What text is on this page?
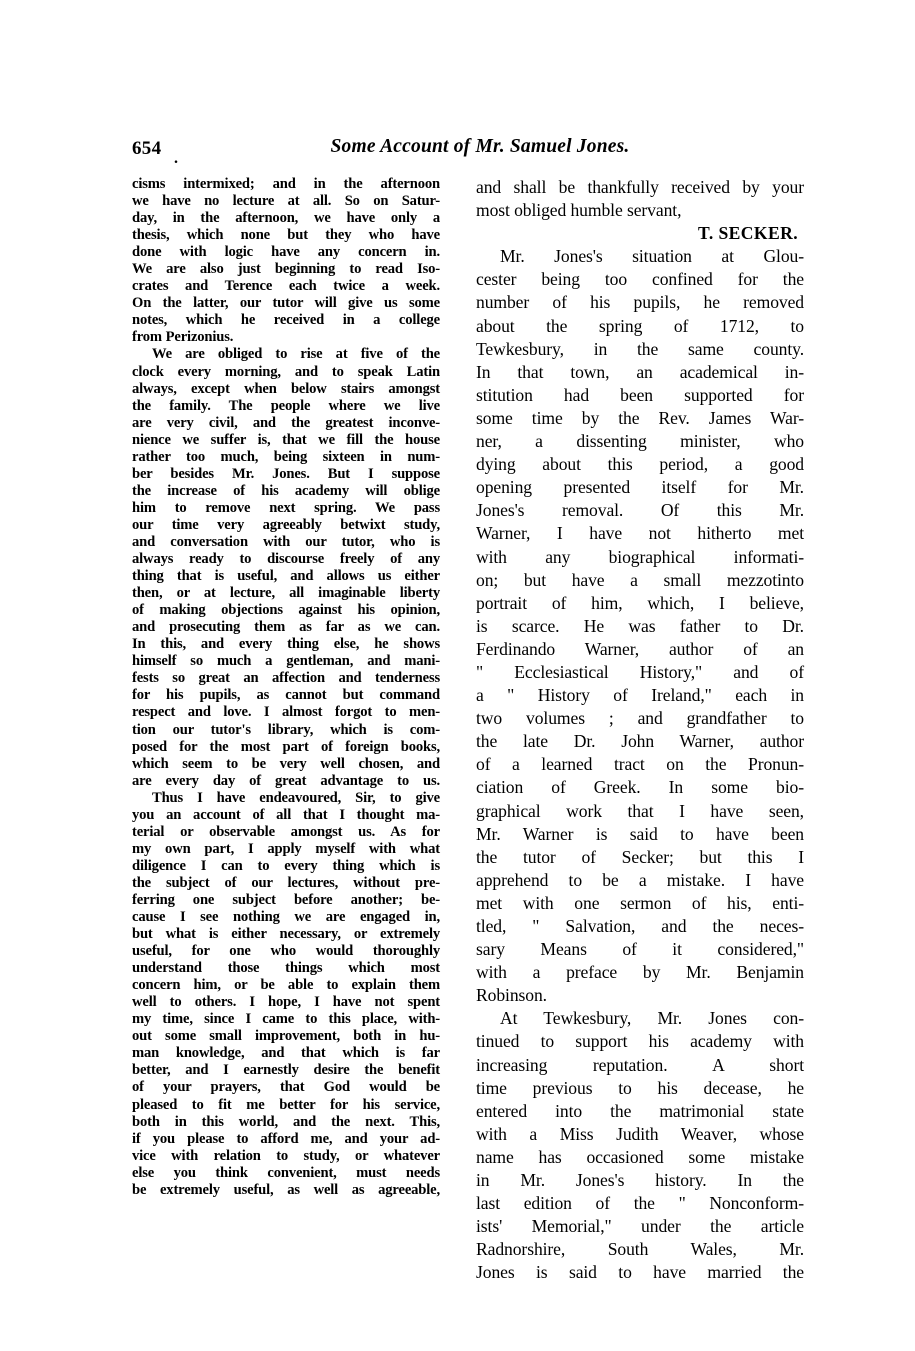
654 .
Some Account of Mr. Samuel Jones.

cisms intermixed; and in the afternoon

we have no lecture at all. So on Satur-

day, in the afternoon, we have only a

thesis, which none but they who have

done with logic have any concern in.

We are also just beginning to read Iso-

crates and Terence each twice a week.

On the latter, our tutor will give us some

notes, which he received in a college

from Perizonius.

We are obliged to rise at five of the

clock every morning, and to speak Latin

always, except when below stairs amongst

the family. The people where we live

are very civil, and the greatest inconve-

nience we suffer is, that we fill the house

rather too much, being sixteen in num-

ber besides Mr. Jones. But I suppose

the increase of his academy will oblige

him to remove next spring. We pass

our time very agreeably betwixt study,

and conversation with our tutor, who is

always ready to discourse freely of any

thing that is useful, and allows us either

then, or at lecture, all imaginable liberty

of making objections against his opinion,

and prosecuting them as far as we can.

In this, and every thing else, he shows

himself so much a gentleman, and mani-

fests so great an affection and tenderness

for his pupils, as cannot but command

respect and love. I almost forgot to men-

tion our tutor's library, which is com-

posed for the most part of foreign books,

which seem to be very well chosen, and

are every day of great advantage to us.

Thus I have endeavoured, Sir, to give

you an account of all that I thought ma-

terial or observable amongst us. As for

my own part, I apply myself with what

diligence I can to every thing which is

the subject of our lectures, without pre-

ferring one subject before another; be-

cause I see nothing we are engaged in,

but what is either necessary, or extremely

useful, for one who would thoroughly

understand those things which most

concern him, or be able to explain them

well to others. I hope, I have not spent

my time, since I came to this place, with-

out some small improvement, both in hu-

man knowledge, and that which is far

better, and I earnestly desire the benefit

of your prayers, that God would be

pleased to fit me better for his service,

both in this world, and the next. This,

if you please to afford me, and your ad-

vice with relation to study, or whatever

else you think convenient, must needs

be extremely useful, as well as agreeable,

and shall be thankfully received by your

most obliged humble servant,

T. SECKER.

Mr. Jones's situation at Glou-

cester being too confined for the

number of his pupils, he removed

about the spring of 1712, to

Tewkesbury, in the same county.

In that town, an academical in-

stitution had been supported for

some time by the Rev. James War-

ner, a dissenting minister, who

dying about this period, a good

opening presented itself for Mr.

Jones's removal. Of this Mr.

Warner, I have not hitherto met

with any biographical informati-

on; but have a small mezzotinto

portrait of him, which, I believe,

is scarce. He was father to Dr.

Ferdinando Warner, author of an

" Ecclesiastical History," and of

a " History of Ireland," each in

two volumes ; and grandfather to

the late Dr. John Warner, author

of a learned tract on the Pronun-

ciation of Greek. In some bio-

graphical work that I have seen,

Mr. Warner is said to have been

the tutor of Secker; but this I

apprehend to be a mistake. I have

met with one sermon of his, enti-

tled, " Salvation, and the neces-

sary Means of it considered,"

with a preface by Mr. Benjamin

Robinson.

At Tewkesbury, Mr. Jones con-

tinued to support his academy with

increasing reputation. A short

time previous to his decease, he

entered into the matrimonial state

with a Miss Judith Weaver, whose

name has occasioned some mistake

in Mr. Jones's history. In the

last edition of the " Nonconform-

ists' Memorial," under the article

Radnorshire, South Wales, Mr.

Jones is said to have married the
